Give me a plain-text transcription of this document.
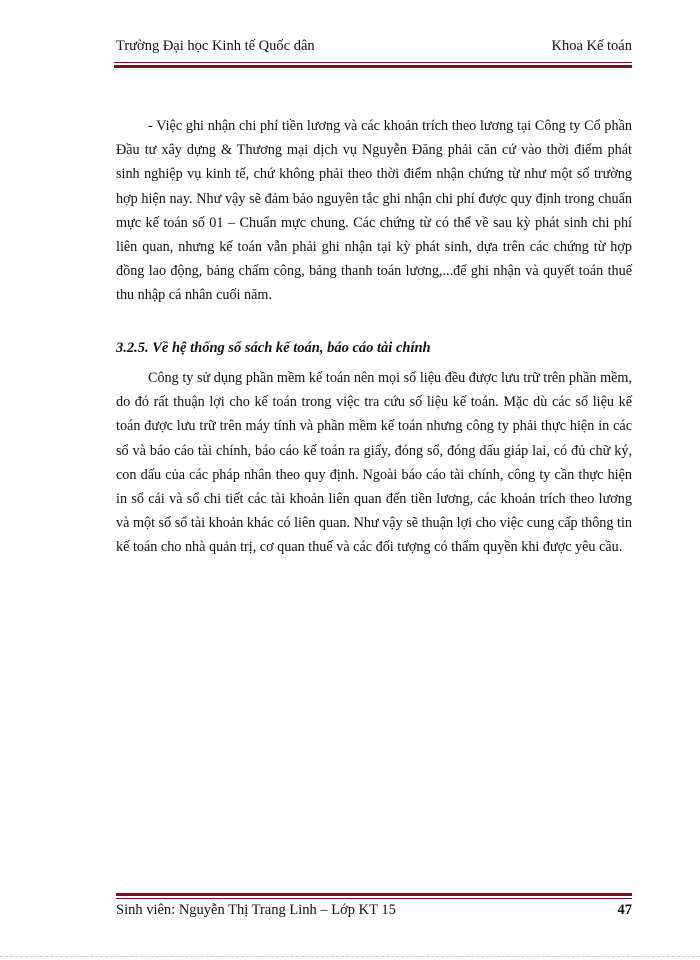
Trường Đại học Kinh tế Quốc dân	Khoa Kế toán

- Việc ghi nhận chi phí tiền lương và các khoản trích theo lương tại Công ty Cổ phần Đầu tư xây dựng & Thương mại dịch vụ Nguyễn Đăng phải căn cứ vào thời điểm phát sinh nghiệp vụ kinh tế, chứ không phải theo thời điểm nhận chứng từ như một số trường hợp hiện nay. Như vậy sẽ đảm bảo nguyên tắc ghi nhận chi phí được quy định trong chuẩn mực kế toán số 01 – Chuẩn mực chung. Các chứng từ có thể về sau kỳ phát sinh chi phí liên quan, nhưng kế toán vẫn phải ghi nhận tại kỳ phát sinh, dựa trên các chứng từ hợp đồng lao động, bảng chấm công, bảng thanh toán lương,...để ghi nhận và quyết toán thuế thu nhập cá nhân cuối năm.

3.2.5. Về hệ thống sổ sách kế toán, báo cáo tài chính

Công ty sử dụng phần mềm kế toán nên mọi số liệu đều được lưu trữ trên phần mềm, do đó rất thuận lợi cho kế toán trong việc tra cứu số liệu kế toán. Mặc dù các số liệu kế toán được lưu trữ trên máy tính và phần mềm kế toán nhưng công ty phải thực hiện in các sổ và báo cáo tài chính, báo cáo kế toán ra giấy, đóng sổ, đóng dấu giáp lai, có đủ chữ ký, con dấu của các pháp nhân theo quy định. Ngoài báo cáo tài chính, công ty cần thực hiện in sổ cái và sổ chi tiết các tài khoản liên quan đến tiền lương, các khoản trích theo lương và một số sổ tài khoản khác có liên quan. Như vậy sẽ thuận lợi cho việc cung cấp thông tin kế toán cho nhà quản trị, cơ quan thuế và các đối tượng có thẩm quyền khi được yêu cầu.

Sinh viên: Nguyễn Thị Trang Linh – Lớp KT 15	47
